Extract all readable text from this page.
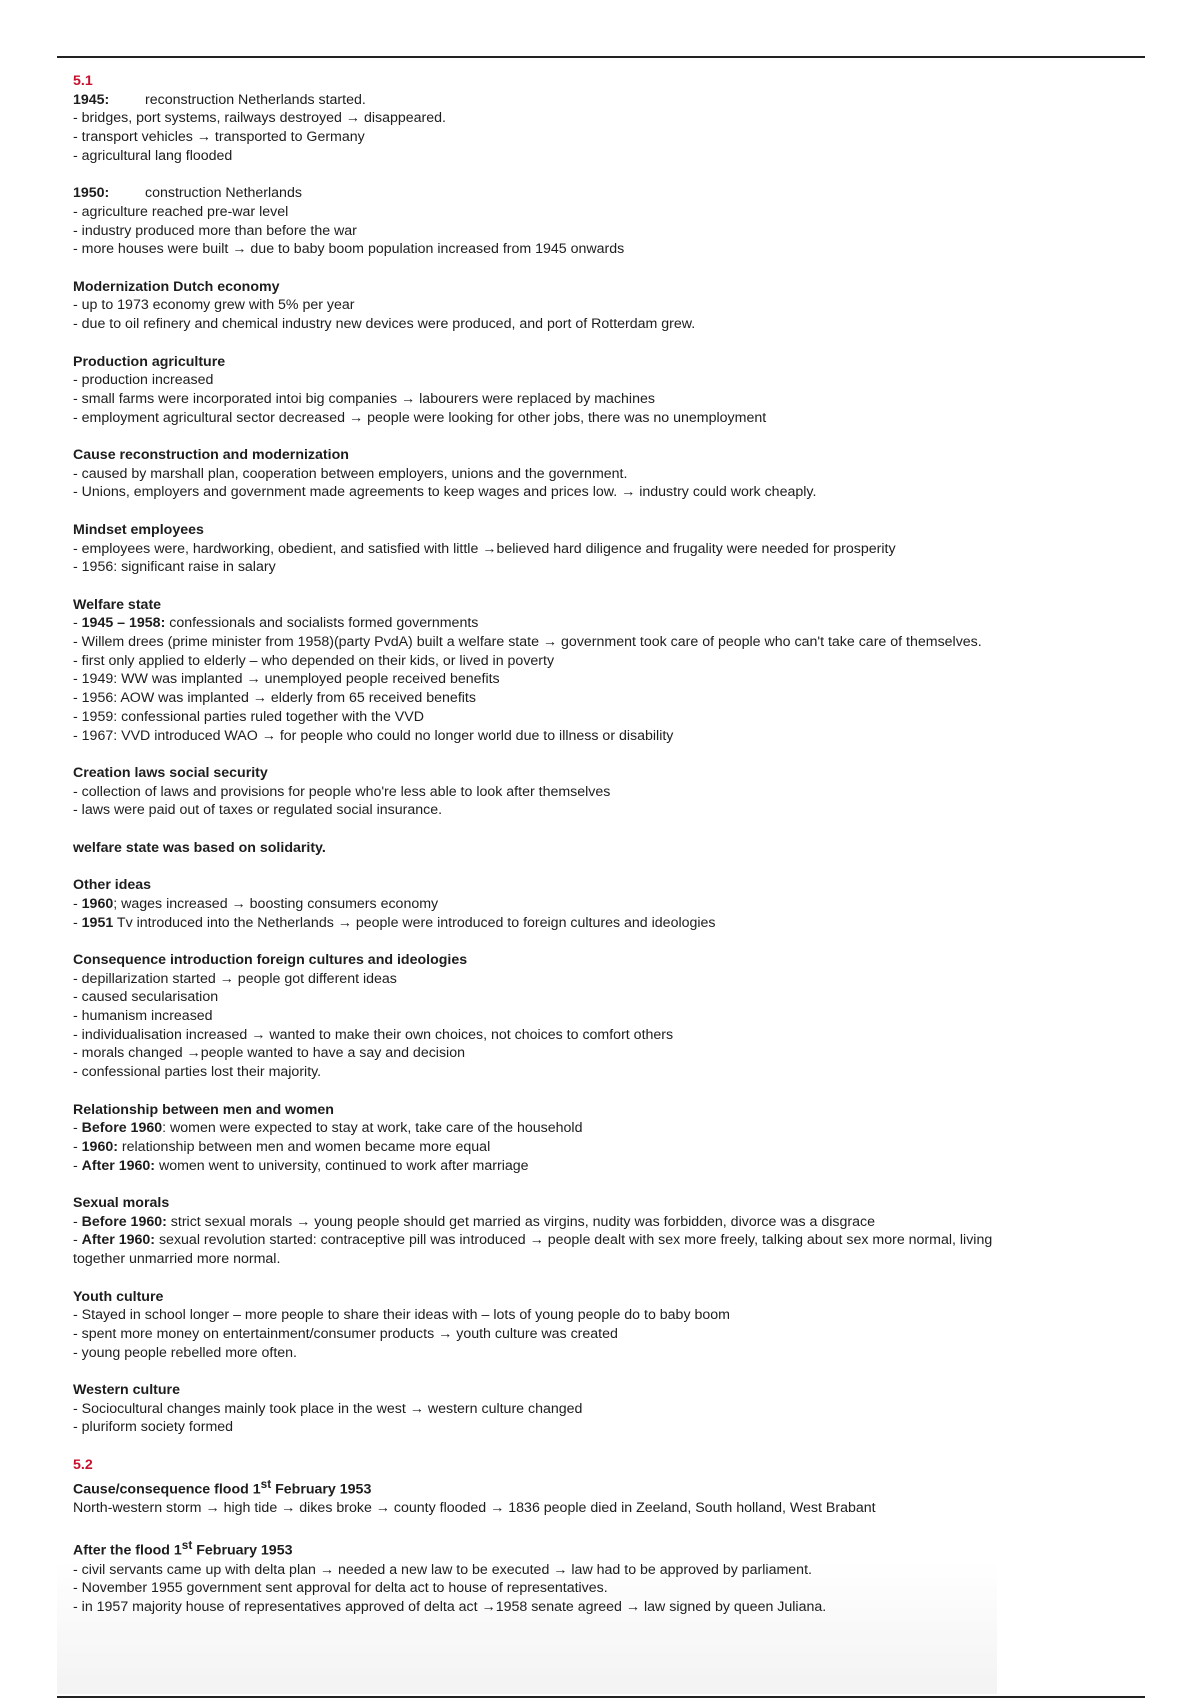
5.1
1945:	reconstruction Netherlands started.
- bridges, port systems, railways destroyed → disappeared.
- transport vehicles → transported to Germany
- agricultural lang flooded
1950:	construction Netherlands
- agriculture reached pre-war level
- industry produced more than before the war
- more houses were built → due to baby boom population increased from 1945 onwards
Modernization Dutch economy
- up to 1973 economy grew with 5% per year
- due to oil refinery and chemical industry new devices were produced, and port of Rotterdam grew.
Production agriculture
- production increased
- small farms were incorporated intoi big companies → labourers were replaced by machines
- employment agricultural sector decreased → people were looking for other jobs, there was no unemployment
Cause reconstruction and modernization
- caused by marshall plan, cooperation between employers, unions and the government.
- Unions, employers and government made agreements to keep wages and prices low. → industry could work cheaply.
Mindset employees
- employees were, hardworking, obedient, and satisfied with little →believed hard diligence and frugality were needed for prosperity
- 1956: significant raise in salary
Welfare state
- 1945 – 1958: confessionals and socialists formed governments
- Willem drees (prime minister from 1958)(party PvdA) built a welfare state → government took care of people who can't take care of themselves.
- first only applied to elderly – who depended on their kids, or lived in poverty
- 1949: WW was implanted → unemployed people received benefits
- 1956: AOW was implanted → elderly from 65 received benefits
- 1959: confessional parties ruled together with the VVD
- 1967: VVD introduced WAO → for people who could no longer world due to illness or disability
Creation laws social security
- collection of laws and provisions for people who're less able to look after themselves
- laws were paid out of taxes or regulated social insurance.
welfare state was based on solidarity.
Other ideas
- 1960; wages increased → boosting consumers economy
- 1951 Tv introduced into the Netherlands → people were introduced to foreign cultures and ideologies
Consequence introduction foreign cultures and ideologies
- depillarization started → people got different ideas
- caused secularisation
- humanism increased
- individualisation increased → wanted to make their own choices, not choices to comfort others
- morals changed →people wanted to have a say and decision
- confessional parties lost their majority.
Relationship between men and women
- Before 1960: women were expected to stay at work, take care of the household
- 1960: relationship between men and women became more equal
- After 1960: women went to university, continued to work after marriage
Sexual morals
- Before 1960: strict sexual morals → young people should get married as virgins, nudity was forbidden, divorce was a disgrace
- After 1960: sexual revolution started: contraceptive pill was introduced → people dealt with sex more freely, talking about sex more normal, living
together unmarried more normal.
Youth culture
- Stayed in school longer – more people to share their ideas with – lots of young people do to baby boom
- spent more money on entertainment/consumer products → youth culture was created
- young people rebelled more often.
Western culture
- Sociocultural changes mainly took place in the west → western culture changed
- pluriform society formed
5.2
Cause/consequence flood 1st February 1953
North-western storm → high tide → dikes broke → county flooded → 1836 people died in Zeeland, South holland, West Brabant
After the flood 1st February 1953
- civil servants came up with delta plan → needed a new law to be executed → law had to be approved by parliament.
- November 1955 government sent approval for delta act to house of representatives.
- in 1957 majority house of representatives approved of delta act →1958 senate agreed → law signed by queen Juliana.
